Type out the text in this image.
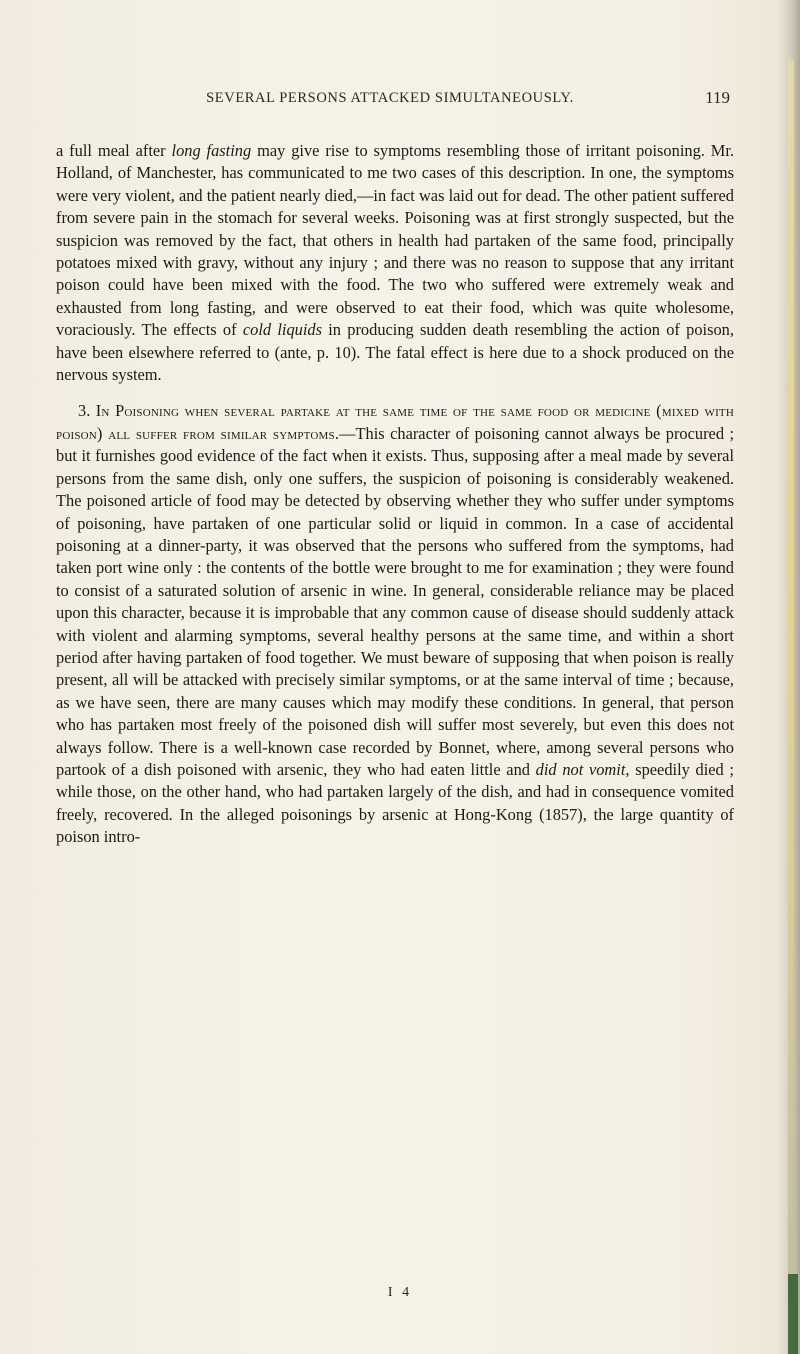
SEVERAL PERSONS ATTACKED SIMULTANEOUSLY.	119

a full meal after long fasting may give rise to symptoms resembling those of irritant poisoning. Mr. Holland, of Manchester, has communicated to me two cases of this description. In one, the symptoms were very violent, and the patient nearly died,—in fact was laid out for dead. The other patient suffered from severe pain in the stomach for several weeks. Poisoning was at first strongly suspected, but the suspicion was removed by the fact, that others in health had partaken of the same food, principally potatoes mixed with gravy, without any injury ; and there was no reason to suppose that any irritant poison could have been mixed with the food. The two who suffered were extremely weak and exhausted from long fasting, and were observed to eat their food, which was quite wholesome, voraciously. The effects of cold liquids in producing sudden death resembling the action of poison, have been elsewhere referred to (ante, p. 10). The fatal effect is here due to a shock produced on the nervous system.

3. In Poisoning when several partake at the same time of the same food or medicine (mixed with poison) all suffer from similar symptoms.—This character of poisoning cannot always be procured ; but it furnishes good evidence of the fact when it exists. Thus, supposing after a meal made by several persons from the same dish, only one suffers, the suspicion of poisoning is considerably weakened. The poisoned article of food may be detected by observing whether they who suffer under symptoms of poisoning, have partaken of one particular solid or liquid in common. In a case of accidental poisoning at a dinner-party, it was observed that the persons who suffered from the symptoms, had taken port wine only : the contents of the bottle were brought to me for examination ; they were found to consist of a saturated solution of arsenic in wine. In general, considerable reliance may be placed upon this character, because it is improbable that any common cause of disease should suddenly attack with violent and alarming symptoms, several healthy persons at the same time, and within a short period after having partaken of food together. We must beware of supposing that when poison is really present, all will be attacked with precisely similar symptoms, or at the same interval of time ; because, as we have seen, there are many causes which may modify these conditions. In general, that person who has partaken most freely of the poisoned dish will suffer most severely, but even this does not always follow. There is a well-known case recorded by Bonnet, where, among several persons who partook of a dish poisoned with arsenic, they who had eaten little and did not vomit, speedily died ; while those, on the other hand, who had partaken largely of the dish, and had in consequence vomited freely, recovered. In the alleged poisonings by arsenic at Hong-Kong (1857), the large quantity of poison intro-

I 4
